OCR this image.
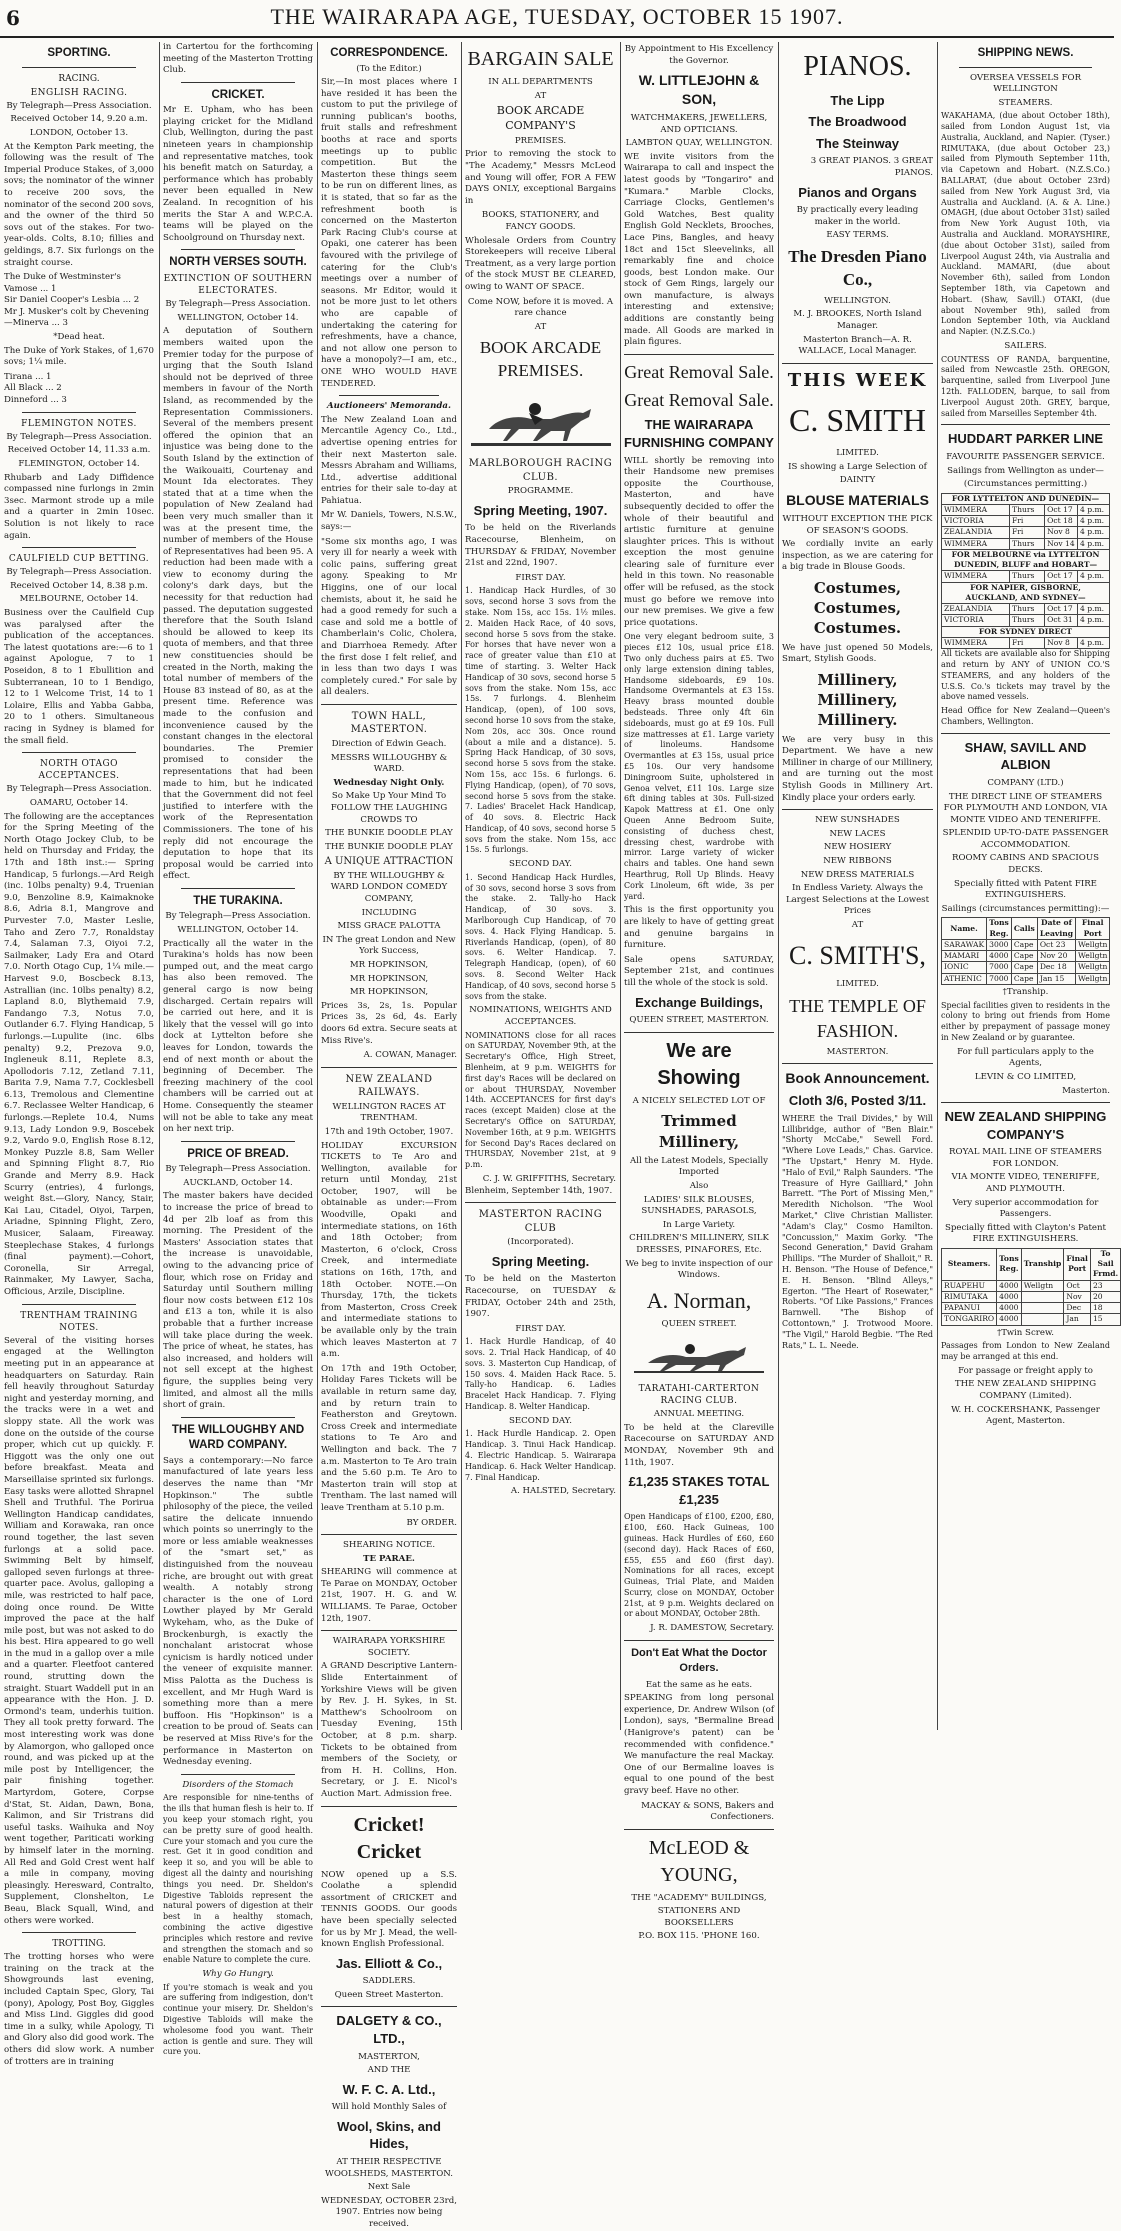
6	THE WAIRARAPA AGE, TUESDAY, OCTOBER 15 1907.
SPORTING.
RACING.
ENGLISH RACING.
By Telegraph—Press Association.
Received October 14, 9.20 a.m.
LONDON, October 13.

At the Kempton Park meeting, the following was the result of The Imperial Produce Stakes, of 3,000 sovs; the nominator of the winner to receive 200 sovs, the nominator of the second 200 sovs, and the owner of the third 50 sovs out of the stakes. For two-year-olds. Colts, 8.10; fillies and geldings, 8.7. Six furlongs on the straight course.

The Duke of Westminster's Vamose ... 1
Sir Daniel Cooper's Lesbia ... 2
Mr J. Musker's colt by Chevening —Minerva ... 3
*Dead heat.

The Duke of York Stakes, of 1,670 sovs; 1¼ mile.

Tirana ... 1
All Black ... 2
Dinneford ... 3
FLEMINGTON NOTES.
By Telegraph—Press Association.
Received October 14, 11.33 a.m.
FLEMINGTON, October 14.

Rhubarb and Lady Diffidence compassed nine furlongs in 2min 3sec. Marmont strode up a mile and a quarter in 2min 10sec. Solution is not likely to race again.

CAULFIELD CUP BETTING.
By Telegraph—Press Association.
Received October 14, 8.38 p.m.
MELBOURNE, October 14.

Business over the Caulfield Cup was paralysed after the publication of the acceptances. The latest quotations are:—6 to 1 against Apologue, 7 to 1 Poseidon, 8 to 1 Ebullition and Subterranean, 10 to 1 Bendigo, 12 to 1 Welcome Trist, 14 to 1 Lolaire, Ellis and Yabba Gabba, 20 to 1 others. Simultaneous racing in Sydney is blamed for the small field.

NORTH OTAGO ACCEPTANCES.
By Telegraph—Press Association.
OAMARU, October 14.

The following are the acceptances for the Spring Meeting of the North Otago Jockey Club, to be held on Thursday and Friday, the 17th and 18th inst.:— Spring Handicap, 5 furlongs.—Ard Reigh (inc. 10lbs penalty) 9.4, Truenian 9.0, Benzoline 8.9, Kaimaknoke 8.6, Adria 8.1, Mangrove and Purvester 7.0, Master Leslie, Taho and Zero 7.7, Ronaldstay 7.4, Salaman 7.3, Oiyoi 7.2, Sailmaker, Lady Era and Otard 7.0. North Otago Cup, 1¼ mile.—Harvest 9.0, Boscbeck 8.13, Astrallian (inc. 10lbs penalty) 8.2, Lapland 8.0, Blythemaid 7.9, Fandango 7.3, Notus 7.0, Outlander 6.7. Flying Handicap, 5 furlongs.—Lupulite (inc. 6lbs penalty) 9.2, Prezova 9.0, Ingleneuk 8.11, Replete 8.3, Apollodoris 7.12, Zetland 7.11, Barita 7.9, Nama 7.7, Cocklesbell 6.13, Tremolous and Clementine 6.7. Reclassee Welter Handicap, 6 furlongs.—Replete 10.4, Nums 9.13, Lady London 9.9, Boscebek 9.2, Vardo 9.0, English Rose 8.12, Monkey Puzzle 8.8, Sam Weller and Spinning Flight 8.7, Rio Grande and Merry 8.9. Hack Scurry (entries), 4 furlongs, weight 8st.—Glory, Nancy, Stair, Kai Lau, Citadel, Oiyoi, Tarpen, Ariadne, Spinning Flight, Zero, Musicer, Salaam, Fireaway. Steeplechase Stakes, 4 furlongs (final payment).—Cohort, Coronella, Sir Arregal, Rainmaker, My Lawyer, Sacha, Officious, Arzile, Discipline.

TRENTHAM TRAINING NOTES.

Several of the visiting horses engaged at the Wellington meeting put in an appearance at headquarters on Saturday. Rain fell heavily throughout Saturday night and yesterday morning, and the tracks were in a wet and sloppy state. All the work was done on the outside of the course proper, which cut up quickly. F. Higgott was the only one out before breakfast. Meata and Marseillaise sprinted six furlongs. Easy tasks were allotted Shrapnel Shell and Truthful. The Porirua Wellington Handicap candidates, William and Korawaka, ran once round together, the last seven furlongs at a solid pace. Swimming Belt by himself, galloped seven furlongs at three-quarter pace. Avolus, galloping a mile, was restricted to half pace, doing once round. De Witte improved the pace at the half mile post, but was not asked to do his best. Hira appeared to go well in the mud in a gallop over a mile and a quarter. Fleetfoot cantered round, strutting down the straight. Stuart Waddell put in an appearance with the Hon. J. D. Ormond's team, underhis tuition. They all took pretty forward. The most interesting work was done by Alamorgon, who galloped once round, and was picked up at the mile post by Intelligencer, the pair finishing together. Martyrdom, Gotere, Corpse d'Stat, St. Aidan, Dawn, Bona, Kalimon, and Sir Tristrans did useful tasks. Waihuka and Noy went together, Pariticati working by himself later in the morning. All Red and Gold Crest went half a mile in company, moving pleasingly. Heresward, Contralto, Supplement, Clonshelton, Le Beau, Black Squall, Wind, and others were worked.

TROTTING.

The trotting horses who were training on the track at the Showgrounds last evening, included Captain Spec, Glory, Tai (pony), Apology, Post Boy, Giggles and Miss Lind. Giggles did good time in a sulky, while Apology, Ti and Glory also did good work. The others did slow work. A number of trotters are in training

in Cartertou for the forthcoming meeting of the Masterton Trotting Club.

CRICKET.

Mr E. Upham, who has been playing cricket for the Midland Club, Wellington, during the past nineteen years in championship and representative matches, took his benefit match on Saturday, a performance which has probably never been equalled in New Zealand. In recognition of his merits the Star A and W.P.C.A. teams will be played on the Schoolground on Thursday next.

NORTH VERSES SOUTH.
EXTINCTION OF SOUTHERN ELECTORATES.
By Telegraph—Press Association.
WELLINGTON, October 14.

A deputation of Southern members waited upon the Premier today for the purpose of urging that the South Island should not be deprived of three members in favour of the North Island, as recommended by the Representation Commissioners. Several of the members present offered the opinion that an injustice was being done to the South Island by the extinction of the Waikouaiti, Courtenay and Mount Ida electorates. They stated that at a time when the population of New Zealand had been very much smaller than it was at the present time, the number of members of the House of Representatives had been 95. A reduction had been made with a view to economy during the colony's dark days, but the necessity for that reduction had passed. The deputation suggested therefore that the South Island should be allowed to keep its quota of members, and that three new constituencies should be created in the North, making the total number of members of the House 83 instead of 80, as at the present time. Reference was made to the confusion and inconvenience caused by the constant changes in the electoral boundaries. The Premier promised to consider the representations that had been made to him, but he indicated that the Government did not feel justified to interfere with the work of the Representation Commissioners. The tone of his reply did not encourage the deputation to hope that its proposal would be carried into effect.

THE TURAKINA.
By Telegraph—Press Association.
WELLINGTON, October 14.

Practically all the water in the Turakina's holds has now been pumped out, and the meat cargo has also been removed. The general cargo is now being discharged. Certain repairs will be carried out here, and it is likely that the vessel will go into dock at Lyttelton before she leaves for London, towards the end of next month or about the beginning of December. The freezing machinery of the cool chambers will be carried out at Home. Consequently the steamer will not be able to take any meat on her next trip.

PRICE OF BREAD.
By Telegraph—Press Association.
AUCKLAND, October 14.

The master bakers have decided to increase the price of bread to 4d per 2lb loaf as from this morning. The President of the Masters' Association states that the increase is unavoidable, owing to the advancing price of flour, which rose on Friday and Saturday until Southern milling flour now costs between £12 10s and £13 a ton, while it is also probable that a further increase will take place during the week. The price of wheat, he states, has also increased, and holders will not sell except at the highest figure, the supplies being very limited, and almost all the mills short of grain.

THE WILLOUGHBY AND WARD COMPANY.

Says a contemporary:—No farce manufactured of late years less deserves the name than "Mr Hopkinson." The subtle philosophy of the piece, the veiled satire the delicate innuendo which points so unerringly to the more or less amiable weaknesses of the "smart set," as distinguished from the nouveau riche, are brought out with great wealth. A notably strong character is the one of Lord Lowther played by Mr Gerald Wykeham, who, as the Duke of Brockenburgh, is exactly the nonchalant aristocrat whose cynicism is hardly noticed under the veneer of exquisite manner. Miss Palotta as the Duchess is excellent, and Mr Hugh Ward is something more than a mere buffoon. His "Hopkinson" is a creation to be proud of. Seats can be reserved at Miss Rive's for the performance in Masterton on Wednesday evening.

Disorders of the Stomach

Are responsible for nine-tenths of the ills that human flesh is heir to. If you keep your stomach right, you can be pretty sure of good health. Cure your stomach and you cure the rest. Get it in good condition and keep it so, and you will be able to digest all the dainty and nourishing things you need. Dr. Sheldon's Digestive Tabloids represent the natural powers of digestion at their best in a healthy stomach, combining the active digestive principles which restore and revive and strengthen the stomach and so enable Nature to complete the cure.

Why Go Hungry.

If you're stomach is weak and you are suffering from indigestion, don't continue your misery. Dr. Sheldon's Digestive Tabloids will make the wholesome food you want. Their action is gentle and sure. They will cure you.

CORRESPONDENCE.
(To the Editor.)

Sir,—In most places where I have resided it has been the custom to put the privilege of running publican's booths, fruit stalls and refreshment booths at race and sports meetings up to public competition. But the Masterton these things seem to be run on different lines, as it is stated, that so far as the refreshment booth is concerned on the Masterton Park Racing Club's course at Opaki, one caterer has been favoured with the privilege of catering for the Club's meetings over a number of seasons. Mr Editor, would it not be more just to let others who are capable of undertaking the catering for refreshments, have a chance, and not allow one person to have a monopoly?—I am, etc., ONE WHO WOULD HAVE TENDERED.

Auctioneers' Memoranda.

The New Zealand Loan and Mercantile Agency Co., Ltd., advertise opening entries for their next Masterton sale. Messrs Abraham and Williams, Ltd., advertise additional entries for their sale to-day at Pahiatua.

Mr W. Daniels, Towers, N.S.W., says:—

"Some six months ago, I was very ill for nearly a week with colic pains, suffering great agony. Speaking to Mr Higgins, one of our local chemists, about it, he said he had a good remedy for such a case and sold me a bottle of Chamberlain's Colic, Cholera, and Diarrhoea Remedy. After the first dose I felt relief, and in less than two days I was completely cured." For sale by all dealers.

TOWN HALL, MASTERTON.
Direction of Edwin Geach.
MESSRS WILLOUGHBY & WARD.
Wednesday Night Only.
So Make Up Your Mind To FOLLOW THE LAUGHING CROWDS TO
THE BUNKIE DOODLE PLAY
THE BUNKIE DOODLE PLAY
A UNIQUE ATTRACTION
BY THE WILLOUGHBY & WARD LONDON COMEDY COMPANY,
INCLUDING
MISS GRACE PALOTTA
IN The great London and New York Success,
MR HOPKINSON,
MR HOPKINSON,
MR HOPKINSON,

Prices 3s, 2s, 1s. Popular Prices 3s, 2s 6d, 4s. Early doors 6d extra. Secure seats at Miss Rive's.

A. COWAN, Manager.
NEW ZEALAND RAILWAYS.
WELLINGTON RACES AT TRENTHAM.
17th and 19th October, 1907.

HOLIDAY EXCURSION TICKETS to Te Aro and Wellington, available for return until Monday, 21st October, 1907, will be obtainable as under:—From Woodville, Opaki and intermediate stations, on 16th and 18th October; from Masterton, 6 o'clock, Cross Creek, and intermediate stations on 16th, 17th, and 18th October. NOTE.—On Thursday, 17th, the tickets from Masterton, Cross Creek and intermediate stations to be available only by the train which leaves Masterton at 7 a.m.

On 17th and 19th October, Holiday Fares Tickets will be available in return same day, and by return train to Featherston and Greytown. Cross Creek and intermediate stations to Te Aro and Wellington and back. The 7 a.m. Masterton to Te Aro train and the 5.60 p.m. Te Aro to Masterton train will stop at Trentham. The last named will leave Trentham at 5.10 p.m.

BY ORDER.
SHEARING NOTICE.
TE PARAE.

SHEARING will commence at Te Parae on MONDAY, October 21st, 1907. H. G. and W. WILLIAMS. Te Parae, October 12th, 1907.

WAIRARAPA YORKSHIRE SOCIETY.

A GRAND Descriptive Lantern-Slide Entertainment of Yorkshire Views will be given by Rev. J. H. Sykes, in St. Matthew's Schoolroom on Tuesday Evening, 15th October, at 8 p.m. sharp. Tickets to be obtained from members of the Society, or from H. H. Collins, Hon. Secretary, or J. E. Nicol's Auction Mart. Admission free.

Cricket! Cricket

NOW opened up a S.S. Coolathe a splendid assortment of CRICKET and TENNIS GOODS. Our goods have been specially selected for us by Mr J. Mead, the well-known English Professional.

Jas. Elliott & Co.,
SADDLERS.
Queen Street Masterton.
DALGETY & CO., LTD.,
MASTERTON,
AND THE
W. F. C. A. Ltd.,
Will hold Monthly Sales of
Wool, Skins, and Hides,
AT THEIR RESPECTIVE WOOLSHEDS, MASTERTON.
Next Sale
WEDNESDAY, OCTOBER 23rd, 1907. Entries now being received.
BARGAIN SALE
IN ALL DEPARTMENTS
AT
BOOK ARCADE COMPANY'S
PREMISES.

Prior to removing the stock to "The Academy," Messrs McLeod and Young will offer, FOR A FEW DAYS ONLY, exceptional Bargains in

BOOKS, STATIONERY, and FANCY GOODS.

Wholesale Orders from Country Storekeepers will receive Liberal Treatment, as a very large portion of the stock MUST BE CLEARED, owing to WANT OF SPACE.

Come NOW, before it is moved. A rare chance
AT
BOOK ARCADE PREMISES.
MARLBOROUGH RACING CLUB.
PROGRAMME.
Spring Meeting, 1907.

To be held on the Riverlands Racecourse, Blenheim, on THURSDAY & FRIDAY, November 21st and 22nd, 1907.

FIRST DAY.

1. Handicap Hack Hurdles, of 30 sovs, second horse 3 sovs from the stake. Nom 15s, acc 15s. 1½ miles. 2. Maiden Hack Race, of 40 sovs, second horse 5 sovs from the stake. For horses that have never won a race of greater value than £10 at time of starting. 3. Welter Hack Handicap of 30 sovs, second horse 5 sovs from the stake. Nom 15s, acc 15s. 7 furlongs. 4. Blenheim Handicap, (open), of 100 sovs, second horse 10 sovs from the stake, Nom 20s, acc 30s. Once round (about a mile and a distance). 5. Spring Hack Handicap, of 30 sovs, second horse 5 sovs from the stake. Nom 15s, acc 15s. 6 furlongs. 6. Flying Handicap, (open), of 70 sovs, second horse 5 sovs from the stake. 7. Ladies' Bracelet Hack Handicap, of 40 sovs. 8. Electric Hack Handicap, of 40 sovs, second horse 5 sovs from the stake. Nom 15s, acc 15s. 5 furlongs.

SECOND DAY.

1. Second Handicap Hack Hurdles, of 30 sovs, second horse 3 sovs from the stake. 2. Tally-ho Hack Handicap, of 30 sovs. 3. Marlborough Cup Handicap, of 70 sovs. 4. Hack Flying Handicap. 5. Riverlands Handicap, (open), of 80 sovs. 6. Welter Handicap. 7. Telegraph Handicap, (open), of 60 sovs. 8. Second Welter Hack Handicap, of 40 sovs, second horse 5 sovs from the stake.

NOMINATIONS, WEIGHTS AND ACCEPTANCES.

NOMINATIONS close for all races on SATURDAY, November 9th, at the Secretary's Office, High Street, Blenheim, at 9 p.m. WEIGHTS for first day's Races will be declared on or about THURSDAY, November 14th. ACCEPTANCES for first day's races (except Maiden) close at the Secretary's Office on SATURDAY, November 16th, at 9 p.m. WEIGHTS for Second Day's Races declared on THURSDAY, November 21st, at 9 p.m.

C. J. W. GRIFFITHS, Secretary.
Blenheim, September 14th, 1907.
MASTERTON RACING CLUB
(Incorporated).
Spring Meeting.

To be held on the Masterton Racecourse, on TUESDAY & FRIDAY, October 24th and 25th, 1907.

FIRST DAY.

1. Hack Hurdle Handicap, of 40 sovs. 2. Trial Hack Handicap, of 40 sovs. 3. Masterton Cup Handicap, of 150 sovs. 4. Maiden Hack Race. 5. Tally-ho Handicap. 6. Ladies Bracelet Hack Handicap. 7. Flying Handicap. 8. Welter Handicap.

SECOND DAY.

1. Hack Hurdle Handicap. 2. Open Handicap. 3. Tinui Hack Handicap. 4. Electric Handicap. 5. Wairarapa Handicap. 6. Hack Welter Handicap. 7. Final Handicap.

A. HALSTED, Secretary.
By Appointment to His Excellency the Governor.
W. LITTLEJOHN & SON,
WATCHMAKERS, JEWELLERS, AND OPTICIANS.
LAMBTON QUAY, WELLINGTON.

WE invite visitors from the Wairarapa to call and inspect the latest goods by "Tongariro" and "Kumara." Marble Clocks, Carriage Clocks, Gentlemen's Gold Watches, Best quality English Gold Necklets, Brooches, Lace Pins, Bangles, and heavy 18ct and 15ct Sleevelinks, all remarkably fine and choice goods, best London make. Our stock of Gem Rings, largely our own manufacture, is always interesting and extensive; additions are constantly being made. All Goods are marked in plain figures.

Great Removal Sale.
Great Removal Sale.
THE WAIRARAPA FURNISHING COMPANY

WILL shortly be removing into their Handsome new premises opposite the Courthouse, Masterton, and have subsequently decided to offer the whole of their beautiful and artistic furniture at genuine slaughter prices. This is without exception the most genuine clearing sale of furniture ever held in this town. No reasonable offer will be refused, as the stock must go before we remove into our new premises. We give a few price quotations.

One very elegant bedroom suite, 3 pieces £12 10s, usual price £18. Two only duchess pairs at £5. Two only large extension dining tables, Handsome sideboards, £9 10s. Handsome Overmantels at £3 15s. Heavy brass mounted double bedsteads. Three only 4ft 6in sideboards, must go at £9 10s. Full size mattresses at £1. Large variety of linoleums. Handsome Overmantles at £3 15s, usual price £5 10s. Our very handsome Diningroom Suite, upholstered in Genoa velvet, £11 10s. Large size 6ft dining tables at 30s. Full-sized Kapok Mattress at £1. One only Queen Anne Bedroom Suite, consisting of duchess chest, dressing chest, wardrobe with mirror. Large variety of wicker chairs and tables. One hand sewn Hearthrug, Roll Up Blinds. Heavy Cork Linoleum, 6ft wide, 3s per yard.

This is the first opportunity you are likely to have of getting great and genuine bargains in furniture.

Sale opens SATURDAY, September 21st, and continues till the whole of the stock is sold.

Exchange Buildings,
QUEEN STREET, MASTERTON.
We are Showing
A NICELY SELECTED LOT OF
Trimmed Millinery,
All the Latest Models, Specially Imported
Also
LADIES' SILK BLOUSES, SUNSHADES, PARASOLS,
In Large Variety.
CHILDREN'S MILLINERY, SILK DRESSES, PINAFORES, Etc.
We beg to invite inspection of our Windows.
A. Norman,
QUEEN STREET.
TARATAHI-CARTERTON RACING CLUB.
ANNUAL MEETING.

To be held at the Clareville Racecourse on SATURDAY AND MONDAY, November 9th and 11th, 1907.

£1,235 STAKES TOTAL £1,235

Open Handicaps of £100, £200, £80, £100, £60. Hack Guineas, 100 guineas. Hack Hurdles of £60, £60 (second day). Hack Races of £60, £55, £55 and £60 (first day). Nominations for all races, except Guineas, Trial Plate, and Maiden Scurry, close on MONDAY, October 21st, at 9 p.m. Weights declared on or about MONDAY, October 28th.

J. R. DAMESTOW, Secretary.
Don't Eat What the Doctor Orders.
Eat the same as he eats.

SPEAKING from long personal experience, Dr. Andrew Wilson (of London), says, "Bermaline Bread (Hanigrove's patent) can be recommended with confidence." We manufacture the real Mackay. One of our Bermaline loaves is equal to one pound of the best gravy beef. Have no other.

MACKAY & SONS, Bakers and Confectioners.
McLEOD & YOUNG,
THE "ACADEMY" BUILDINGS,
STATIONERS AND BOOKSELLERS
P.O. BOX 115. 'PHONE 160.
PIANOS.
The Lipp
The Broadwood
The Steinway
3 GREAT PIANOS. 3 GREAT PIANOS.
Pianos and Organs
By practically every leading maker in the world.
EASY TERMS.
The Dresden Piano Co.,
WELLINGTON.
M. J. BROOKES, North Island Manager.
Masterton Branch—A. R. WALLACE, Local Manager.
THIS WEEK
C. SMITH
LIMITED.
IS showing a Large Selection of
DAINTY
BLOUSE MATERIALS
WITHOUT EXCEPTION THE PICK OF SEASON'S GOODS.

We cordially invite an early inspection, as we are catering for a big trade in Blouse Goods.

Costumes, Costumes, Costumes.

We have just opened 50 Models, Smart, Stylish Goods.

Millinery, Millinery, Millinery.

We are very busy in this Department. We have a new Milliner in charge of our Millinery, and are turning out the most Stylish Goods in Millinery Art. Kindly place your orders early.

NEW SUNSHADES
NEW LACES
NEW HOSIERY
NEW RIBBONS
NEW DRESS MATERIALS
In Endless Variety. Always the Largest Selections at the Lowest Prices
AT
C. SMITH'S,
LIMITED.
THE TEMPLE OF FASHION.
MASTERTON.
Book Announcement.
Cloth 3/6, Posted 3/11.

WHERE the Trail Divides," by Will Lillibridge, author of "Ben Blair." "Shorty McCabe," Sewell Ford. "Where Love Leads," Chas. Garvice. "The Upstart," Henry M. Hyde. "Halo of Evil," Ralph Saunders. "The Treasure of Hyre Gailliard," John Barrett. "The Port of Missing Men," Meredith Nicholson. "The Wool Market," Clive Christian Mallister. "Adam's Clay," Cosmo Hamilton. "Concussion," Maxim Gorky. "The Second Generation," David Graham Phillips. "The Murder of Shalloit," R. H. Benson. "The House of Defence," E. H. Benson. "Blind Alleys," Egerton. "The Heart of Rosewater," Roberts. "Of Like Passions," Frances Barnwell. "The Bishop of Cottontown," J. Trotwood Moore. "The Vigil," Harold Begbie. "The Red Rats," L. L. Neede.

SHIPPING NEWS.
OVERSEA VESSELS FOR WELLINGTON
STEAMERS.

WAKAHAMA, (due about October 18th), sailed from London August 1st, via Australia, Auckland, and Napier. (Tyser.) RIMUTAKA, (due about October 23,) sailed from Plymouth September 11th, via Capetown and Hobart. (N.Z.S.Co.) BALLARAT, (due about October 23rd) sailed from New York August 3rd, via Australia and Auckland. (A. & A. Line.) OMAGH, (due about October 31st) sailed from New York August 10th, via Australia and Auckland. MORAYSHIRE, (due about October 31st), sailed from Liverpool August 24th, via Australia and Auckland. MAMARI, (due about November 6th), sailed from London September 18th, via Capetown and Hobart. (Shaw, Savill.) OTAKI, (due about November 9th), sailed from London September 10th, via Auckland and Napier. (N.Z.S.Co.)

SAILERS.

COUNTESS OF RANDA, barquentine, sailed from Newcastle 25th. OREGON, barquentine, sailed from Liverpool June 12th. FALLODEN, barque, to sail from Liverpool August 20th. GREY, barque, sailed from Marseilles September 4th.

HUDDART PARKER LINE
FAVOURITE PASSENGER SERVICE.
Sailings from Wellington as under—
(Circumstances permitting.)
FOR LYTTELTON AND DUNEDIN—			
WIMMERA	Thurs	Oct 17	4 p.m.
VICTORIA	Fri	Oct 18	4 p.m.
ZEALANDIA	Fri	Nov 8	4 p.m.
WIMMERA	Thurs	Nov 14	4 p.m.
FOR MELBOURNE via LYTTELTON DUNEDIN, BLUFF and HOBART—			
WIMMERA	Thurs	Oct 17	4 p.m.
FOR NAPIER, GISBORNE, AUCKLAND, AND SYDNEY—			
ZEALANDIA	Thurs	Oct 17	4 p.m.
VICTORIA	Thurs	Oct 31	4 p.m.
FOR SYDNEY DIRECT			
WIMMERA	Fri	Nov 8	4 p.m.

All tickets are available also for Shipping and return by ANY of UNION CO.'S STEAMERS, and any holders of the U.S.S. Co.'s tickets may travel by the above named vessels.

Head Office for New Zealand—Queen's Chambers, Wellington.

SHAW, SAVILL AND ALBION
COMPANY (LTD.)
THE DIRECT LINE OF STEAMERS FOR PLYMOUTH AND LONDON, VIA MONTE VIDEO AND TENERIFFE.
SPLENDID UP-TO-DATE PASSENGER ACCOMMODATION.
ROOMY CABINS AND SPACIOUS DECKS.
Specially fitted with Patent FIRE EXTINGUISHERS.
Sailings (circumstances permitting):—
Name.	Tons Reg.	Calls	Date of Leaving	Final Port
SARAWAK	3000	Cape	Oct 23	Wellgtn
MAMARI	4000	Cape	Nov 20	Wellgtn
IONIC	7000	Cape	Dec 18	Wellgtn
ATHENIC	7000	Cape	Jan 15	Wellgtn
†Tranship.

Special facilities given to residents in the colony to bring out friends from Home either by prepayment of passage money in New Zealand or by guarantee.

For full particulars apply to the Agents,
LEVIN & CO LIMITED,
Masterton.
NEW ZEALAND SHIPPING COMPANY'S
ROYAL MAIL LINE OF STEAMERS FOR LONDON.
VIA MONTE VIDEO, TENERIFFE, AND PLYMOUTH.
Very superior accommodation for Passengers.
Specially fitted with Clayton's Patent FIRE EXTINGUISHERS.
Steamers.	Tons Reg.	Tranship	Final Port	To Sail Frmd.
RUAPEHU	4000	Wellgtn	Oct	23
RIMUTAKA	4000		Nov	20
PAPANUI	4000		Dec	18
TONGARIRO	4000		Jan	15
†Twin Screw.

Passages from London to New Zealand may be arranged at this end.

For passage or freight apply to
THE NEW ZEALAND SHIPPING COMPANY (Limited).
W. H. COCKERSHANK, Passenger Agent, Masterton.
